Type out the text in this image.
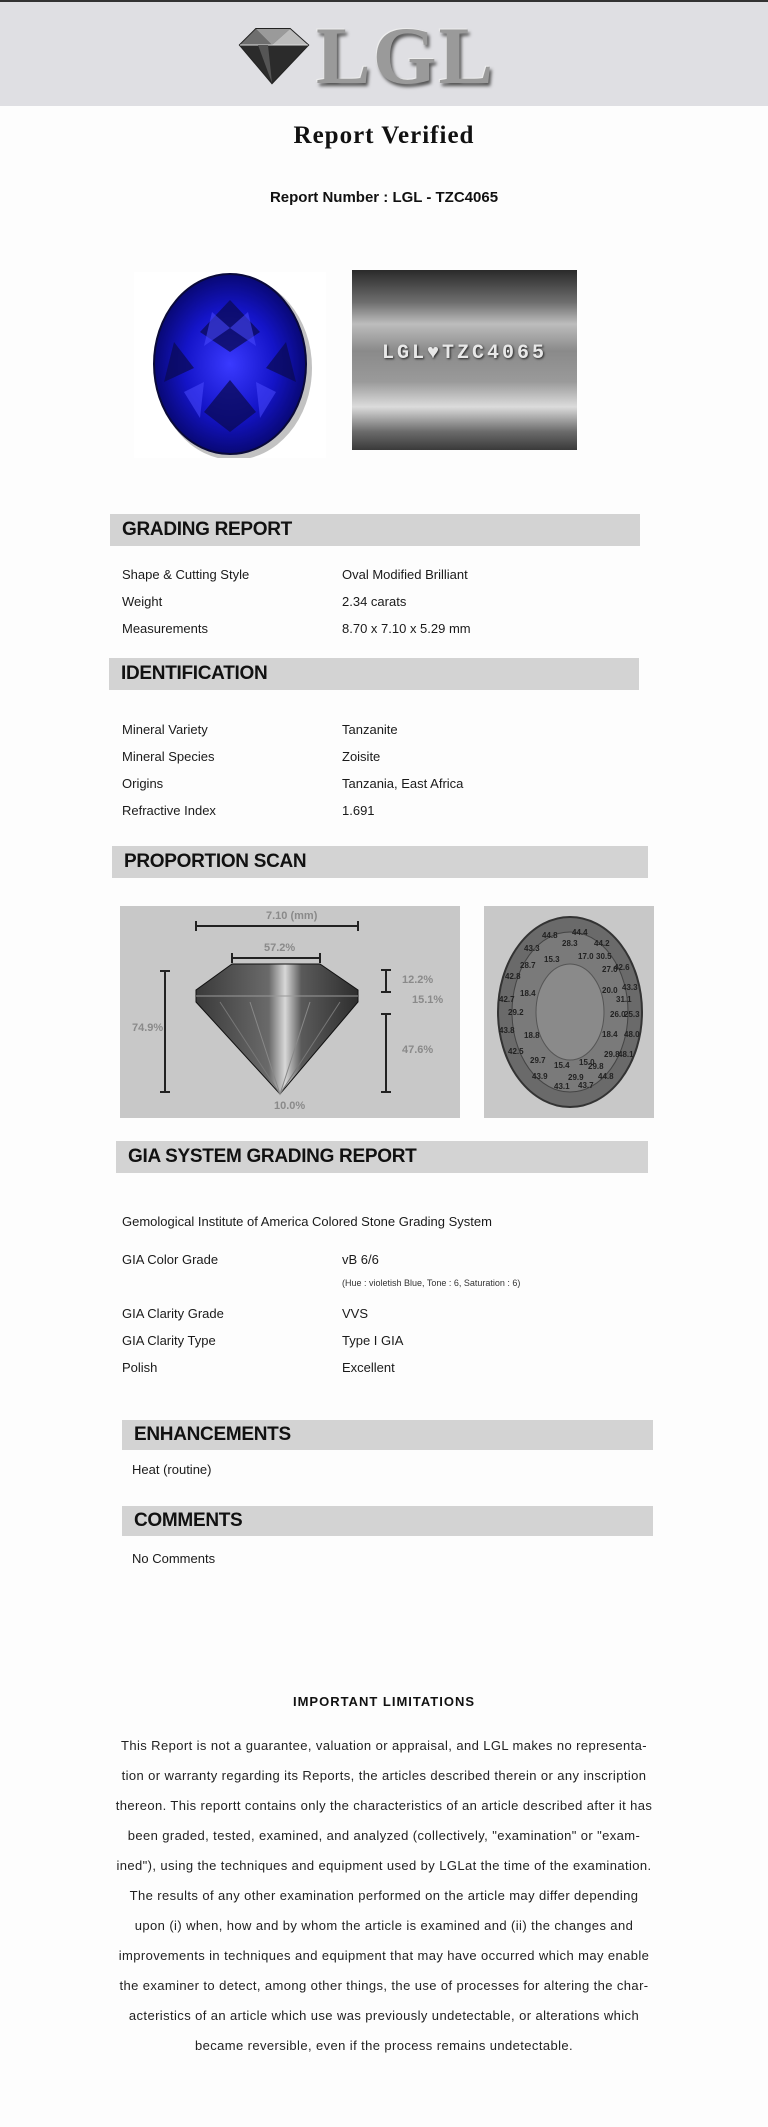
LGL
Report Verified
Report Number : LGL - TZC4065
LGL♥TZC4065
GRADING REPORT
Shape & Cutting Style	Oval Modified Brilliant
Weight	2.34 carats
Measurements	8.70 x 7.10 x 5.29 mm
IDENTIFICATION
Mineral Variety	Tanzanite
Mineral Species	Zoisite
Origins	Tanzania, East Africa
Refractive Index	1.691
PROPORTION SCAN
7.10 (mm)
57.2%
74.9%
12.2%
15.1%
47.6%
10.0%
44.8 44.4
28.3 44.2
43.3
15.3 17.0 30.5
28.7	27.0
42.6
42.8
20.0 43.3
18.4
31.1
42.7
26.0
25.3
29.2
18.4 48.0
43.8
18.8
29.8
48.1
42.5
29.7
15.4 15.0
29.8
43.9	29.9 44.8
43.1 43.7
GIA SYSTEM GRADING REPORT
Gemological Institute of America Colored Stone Grading System
GIA Color Grade	vB 6/6
(Hue : violetish Blue, Tone : 6, Saturation : 6)
GIA Clarity Grade	VVS
GIA Clarity Type	Type I GIA
Polish	Excellent
ENHANCEMENTS
Heat (routine)
COMMENTS
No Comments
IMPORTANT LIMITATIONS
This Report is not a guarantee, valuation or appraisal, and LGL makes no representa-
tion or warranty regarding its Reports, the articles described therein or any inscription
thereon. This reportt contains only the characteristics of an article described after it has
been graded, tested, examined, and analyzed (collectively, "examination" or "exam-
ined"), using the techniques and equipment used by LGLat the time of the examination.
The results of any other examination performed on the article may differ depending
upon (i) when, how and by whom the article is examined and (ii) the changes and
improvements in techniques and equipment that may have occurred which may enable
the examiner to detect, among other things, the use of processes for altering the char-
acteristics of an article which use was previously undetectable, or alterations which
became reversible, even if the process remains undetectable.
